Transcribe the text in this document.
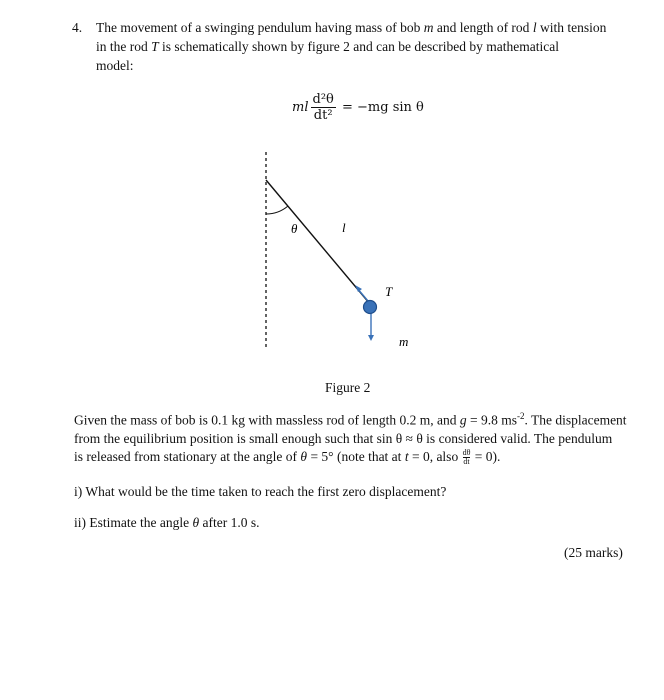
4. The movement of a swinging pendulum having mass of bob m and length of rod l with tension
in the rod T is schematically shown by figure 2 and can be described by mathematical
model:
ml $\frac{\text{d²θ}}{\text{dt²}} = -mg$ sin θ
θ	l
T
m
Figure 2
Given the mass of bob is 0.1 kg with massless rod of length 0.2 m, and g = 9.8 $ms^{-2}$. The displacement
from the equilibrium position is small enough such that sin θ ≈ θ is considered valid. The pendulum
is released from stationary at the angle of θ = 5° (note that at t = 0, also $\frac{d\theta}{dt} = 0$).
i) What would be the time taken to reach the first zero displacement?
ii) Estimate the angle θ after 1.0 s.
(25 marks)
